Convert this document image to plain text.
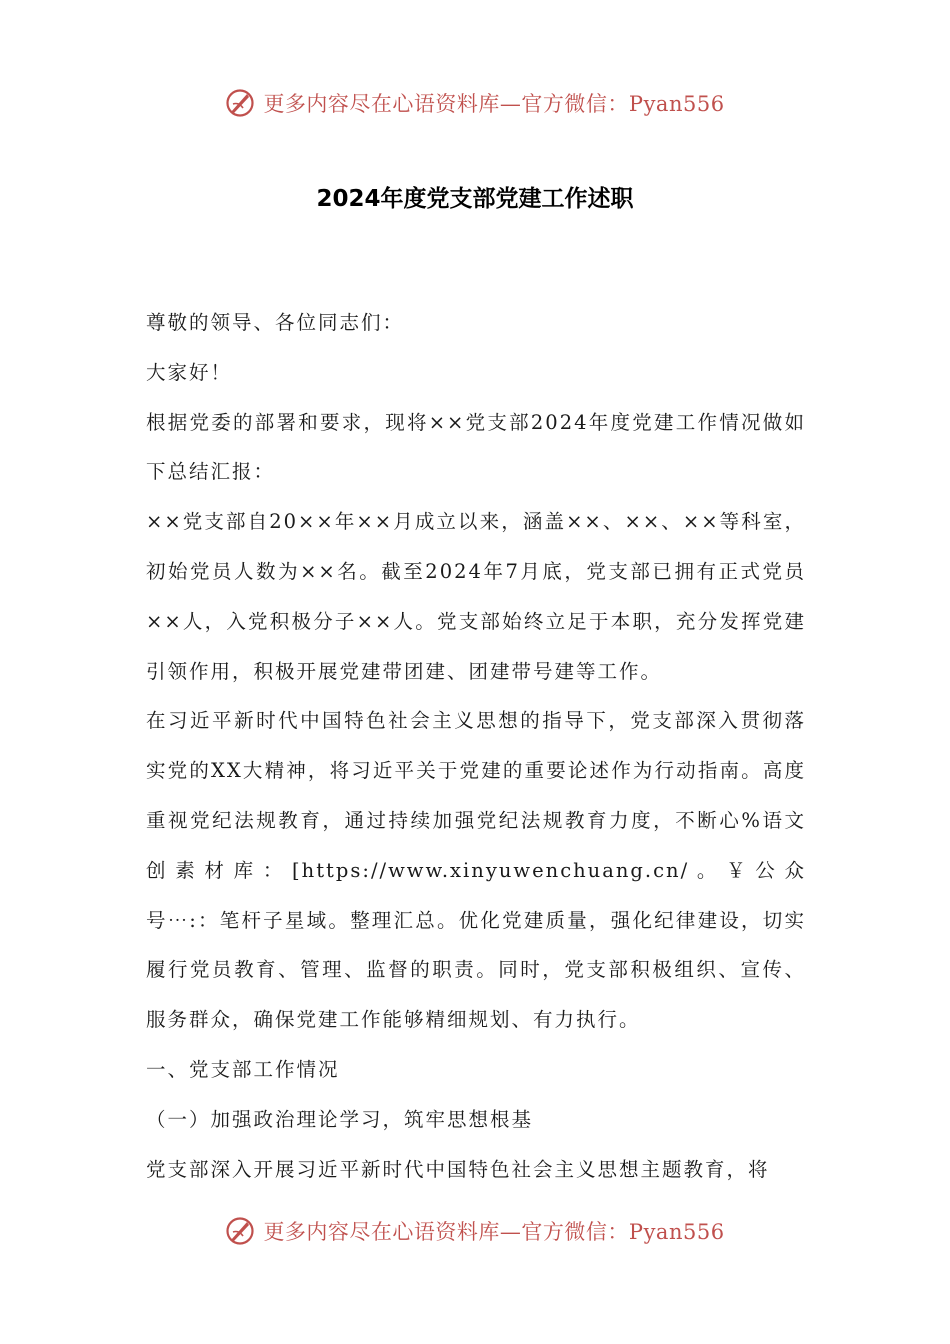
更多内容尽在心语资料库—官方微信：Pyan556
2024年度党支部党建工作述职

尊敬的领导、各位同志们：

大家好！

根据党委的部署和要求，现将××党支部2024年度党建工作情况做如下总结汇报：

××党支部自20××年××月成立以来，涵盖××、××、××等科室，初始党员人数为××名。截至2024年7月底，党支部已拥有正式党员××人，入党积极分子××人。党支部始终立足于本职，充分发挥党建引领作用，积极开展党建带团建、团建带号建等工作。

在习近平新时代中国特色社会主义思想的指导下，党支部深入贯彻落实党的XX大精神，将习近平关于党建的重要论述作为行动指南。高度重视党纪法规教育，通过持续加强党纪法规教育力度，不断心%语文创素材库：[https://www.xinyuwenchuang.cn/。￥公众号⋯:：笔杆子星域。整理汇总。优化党建质量，强化纪律建设，切实履行党员教育、管理、监督的职责。同时，党支部积极组织、宣传、服务群众，确保党建工作能够精细规划、有力执行。

一、党支部工作情况

（一）加强政治理论学习，筑牢思想根基

党支部深入开展习近平新时代中国特色社会主义思想主题教育，将

更多内容尽在心语资料库—官方微信：Pyan556
